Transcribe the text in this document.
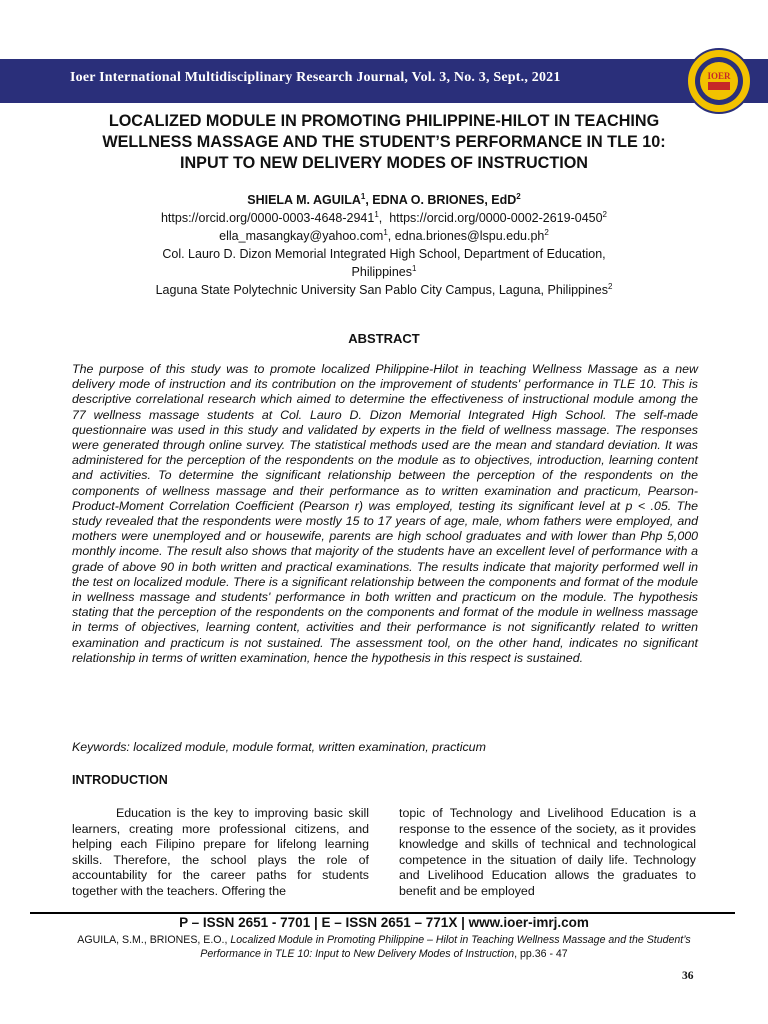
Ioer International Multidisciplinary Research Journal, Vol. 3, No. 3, Sept., 2021	IOER
LOCALIZED MODULE IN PROMOTING PHILIPPINE-HILOT IN TEACHING
WELLNESS MASSAGE AND THE STUDENT’S PERFORMANCE IN TLE 10:
INPUT TO NEW DELIVERY MODES OF INSTRUCTION
SHIELA M. AGUILA$^1$, EDNA O. BRIONES, EdD$^2$
https://orcid.org/0000-0003-4648-2941$^1$,  https://orcid.org/0000-0002-2619-0450$^2$
ella_masangkay@yahoo.com$^1$, $edna.briones@lspu.edu.ph^2$
Col. Lauro D. Dizon Memorial Integrated High School, Department of Education,
Philippines$^1$
Laguna State Polytechnic University San Pablo City Campus, Laguna, Philippines$^2$
ABSTRACT
The purpose of this study was to promote localized Philippine-Hilot in teaching Wellness Massage as a new delivery mode of instruction and its contribution on the improvement of students' performance in TLE 10. This is descriptive correlational research which aimed to determine the effectiveness of instructional module among the 77 wellness massage students at Col. Lauro D. Dizon Memorial Integrated High School. The self-made questionnaire was used in this study and validated by experts in the field of wellness massage. The responses were generated through online survey. The statistical methods used are the mean and standard deviation. It was administered for the perception of the respondents on the module as to objectives, introduction, learning content and activities. To determine the significant relationship between the perception of the respondents on the components of wellness massage and their performance as to written examination and practicum, Pearson-Product-Moment Correlation Coefficient (Pearson r) was employed, testing its significant level at p < .05. The study revealed that the respondents were mostly 15 to 17 years of age, male, whom fathers were employed, and mothers were unemployed and or housewife, parents are high school graduates and with lower than Php 5,000 monthly income. The result also shows that majority of the students have an excellent level of performance with a grade of above 90 in both written and practical examinations. The results indicate that majority performed well in the test on localized module. There is a significant relationship between the components and format of the module in wellness massage and students' performance in both written and practicum on the module. The hypothesis stating that the perception of the respondents on the components and format of the module in wellness massage in terms of objectives, learning content, activities and their performance is not significantly related to written examination and practicum is not sustained. The assessment tool, on the other hand, indicates no significant relationship in terms of written examination, hence the hypothesis in this respect is sustained.
Keywords: localized module, module format, written examination, practicum
INTRODUCTION
Education is the key to improving basic skill learners, creating more professional citizens, and helping each Filipino prepare for lifelong learning skills. Therefore, the school plays the role of accountability for the career paths for students together with the teachers. Offering the
topic of Technology and Livelihood Education is a response to the essence of the society, as it provides knowledge and skills of technical and technological competence in the situation of daily life. Technology and Livelihood Education allows the graduates to benefit and be employed
P – ISSN 2651 - 7701 | E – ISSN 2651 – 771X | www.ioer-imrj.com
AGUILA, S.M., BRIONES, E.O., Localized Module in Promoting Philippine – Hilot in Teaching Wellness Massage and the Student’s Performance in TLE 10: Input to New Delivery Modes of Instruction, pp.36 - 47
36
